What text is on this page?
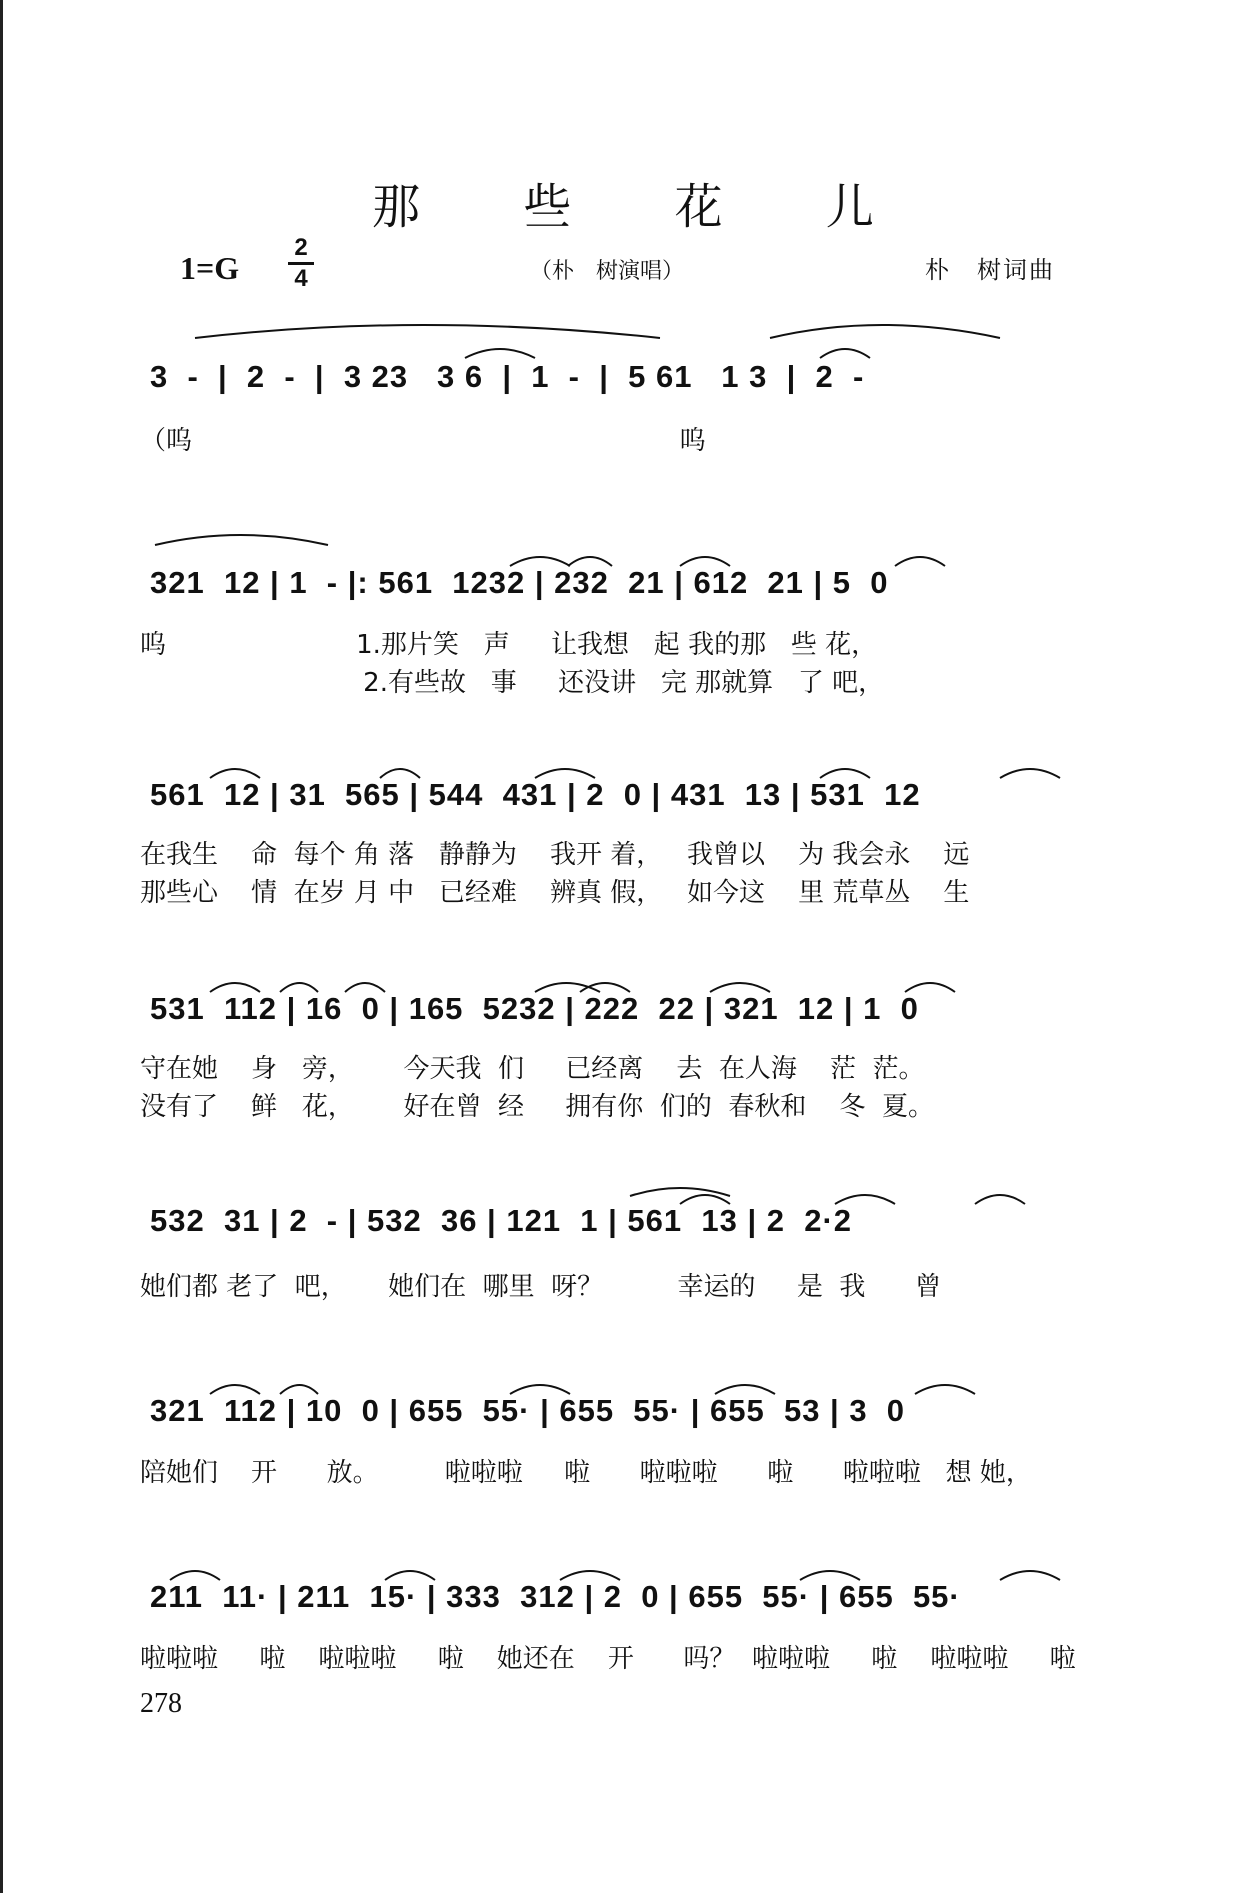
那 些 花 儿
1=G
2
4	（朴　树演唱）	朴　树词曲
3  -  |  2  -  |  3 23   3 6  |  1  -  |  5 61   1 3  |  2  -
（呜                                                           呜
321  12 | 1  - |: 561  1232 | 232  21 | 612  21 | 5  0
呜                       1.那片笑   声     让我想   起 我的那   些 花，
2.有些故   事     还没讲   完 那就算   了 吧，
561  12 | 31  565 | 544  431 | 2  0 | 431  13 | 531  12
在我生    命  每个 角 落   静静为    我开 着，   我曾以    为 我会永    远
那些心    情  在岁 月 中   已经难    辨真 假，   如今这    里 荒草丛    生
531  112 | 16  0 | 165  5232 | 222  22 | 321  12 | 1  0
守在她    身   旁，      今天我  们     已经离    去  在人海    茫  茫。
没有了    鲜   花，      好在曾  经     拥有你  们的  春秋和    冬  夏。
532  31 | 2  - | 532  36 | 121  1 | 561  13 | 2  2·2
她们都 老了  吧，     她们在  哪里  呀？         幸运的     是  我      曾
321  112 | 10  0 | 655  55· | 655  55· | 655  53 | 3  0
陪她们    开      放。        啦啦啦     啦      啦啦啦      啦      啦啦啦   想 她，
211  11· | 211  15· | 333  312 | 2  0 | 655  55· | 655  55·
啦啦啦     啦    啦啦啦     啦    她还在    开      吗？  啦啦啦     啦    啦啦啦     啦
278
